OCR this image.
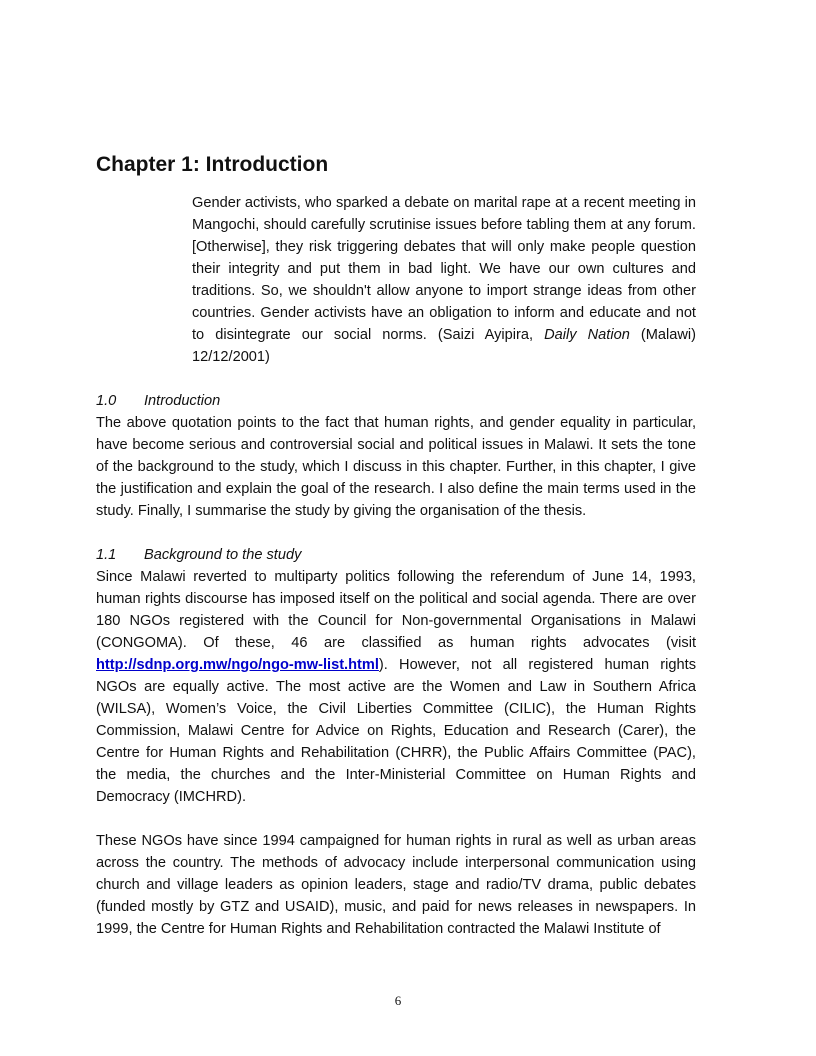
Chapter 1: Introduction

Gender activists, who sparked a debate on marital rape at a recent meeting in Mangochi, should carefully scrutinise issues before tabling them at any forum. [Otherwise], they risk triggering debates that will only make people question their integrity and put them in bad light. We have our own cultures and traditions. So, we shouldn't allow anyone to import strange ideas from other countries. Gender activists have an obligation to inform and educate and not to disintegrate our social norms. (Saizi Ayipira, Daily Nation (Malawi) 12/12/2001)

1.0 Introduction

The above quotation points to the fact that human rights, and gender equality in particular, have become serious and controversial social and political issues in Malawi. It sets the tone of the background to the study, which I discuss in this chapter. Further, in this chapter, I give the justification and explain the goal of the research. I also define the main terms used in the study. Finally, I summarise the study by giving the organisation of the thesis.

1.1 Background to the study

Since Malawi reverted to multiparty politics following the referendum of June 14, 1993, human rights discourse has imposed itself on the political and social agenda. There are over 180 NGOs registered with the Council for Non-governmental Organisations in Malawi (CONGOMA). Of these, 46 are classified as human rights advocates (visit http://sdnp.org.mw/ngo/ngo-mw-list.html). However, not all registered human rights NGOs are equally active. The most active are the Women and Law in Southern Africa (WILSA), Women’s Voice, the Civil Liberties Committee (CILIC), the Human Rights Commission, Malawi Centre for Advice on Rights, Education and Research (Carer), the Centre for Human Rights and Rehabilitation (CHRR), the Public Affairs Committee (PAC), the media, the churches and the Inter-Ministerial Committee on Human Rights and Democracy (IMCHRD).

These NGOs have since 1994 campaigned for human rights in rural as well as urban areas across the country. The methods of advocacy include interpersonal communication using church and village leaders as opinion leaders, stage and radio/TV drama, public debates (funded mostly by GTZ and USAID), music, and paid for news releases in newspapers. In 1999, the Centre for Human Rights and Rehabilitation contracted the Malawi Institute of

6
